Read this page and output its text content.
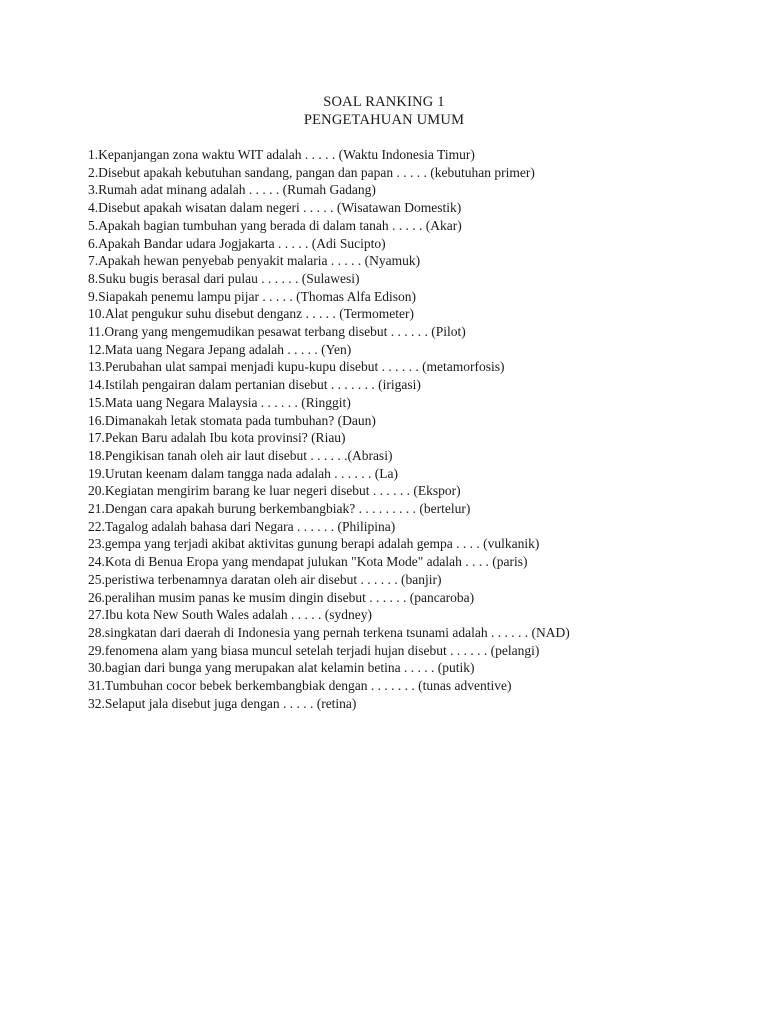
SOAL RANKING 1
PENGETAHUAN UMUM
1.Kepanjangan zona waktu WIT adalah . . . . . (Waktu Indonesia Timur)
2.Disebut apakah kebutuhan sandang, pangan dan papan . . . . . (kebutuhan primer)
3.Rumah adat minang adalah . . . . . (Rumah Gadang)
4.Disebut apakah wisatan dalam negeri . . . . . (Wisatawan Domestik)
5.Apakah bagian tumbuhan yang berada di dalam tanah . . . . . (Akar)
6.Apakah Bandar udara Jogjakarta . . . . . (Adi Sucipto)
7.Apakah hewan penyebab penyakit malaria . . . . . (Nyamuk)
8.Suku bugis berasal dari pulau . . . . . . (Sulawesi)
9.Siapakah penemu lampu pijar . . . . . (Thomas Alfa Edison)
10.Alat pengukur suhu disebut denganz . . . . . (Termometer)
11.Orang yang mengemudikan pesawat terbang disebut . . . . . . (Pilot)
12.Mata uang Negara Jepang adalah . . . . . (Yen)
13.Perubahan ulat sampai menjadi kupu-kupu disebut . . . . . . (metamorfosis)
14.Istilah pengairan dalam pertanian disebut . . . . . . . (irigasi)
15.Mata uang Negara Malaysia . . . . . . (Ringgit)
16.Dimanakah letak stomata pada tumbuhan? (Daun)
17.Pekan Baru adalah Ibu kota provinsi? (Riau)
18.Pengikisan tanah oleh air laut disebut . . . . . .(Abrasi)
19.Urutan keenam dalam tangga nada adalah . . . . . . (La)
20.Kegiatan mengirim barang ke luar negeri disebut . . . . . . (Ekspor)
21.Dengan cara apakah burung berkembangbiak? . . . . . . . . . (bertelur)
22.Tagalog adalah bahasa dari Negara . . . . . . (Philipina)
23.gempa yang terjadi akibat aktivitas gunung berapi adalah gempa . . . . (vulkanik)
24.Kota di Benua Eropa yang mendapat julukan "Kota Mode" adalah . . . . (paris)
25.peristiwa terbenamnya daratan oleh air disebut . . . . . . (banjir)
26.peralihan musim panas ke musim dingin disebut . . . . . . (pancaroba)
27.Ibu kota New South Wales adalah . . . . . (sydney)
28.singkatan dari daerah di Indonesia yang pernah terkena tsunami adalah . . . . . . (NAD)
29.fenomena alam yang biasa muncul setelah terjadi hujan disebut . . . . . . (pelangi)
30.bagian dari bunga yang merupakan alat kelamin betina . . . . . (putik)
31.Tumbuhan cocor bebek berkembangbiak dengan . . . . . . . (tunas adventive)
32.Selaput jala disebut juga dengan . . . . . (retina)
